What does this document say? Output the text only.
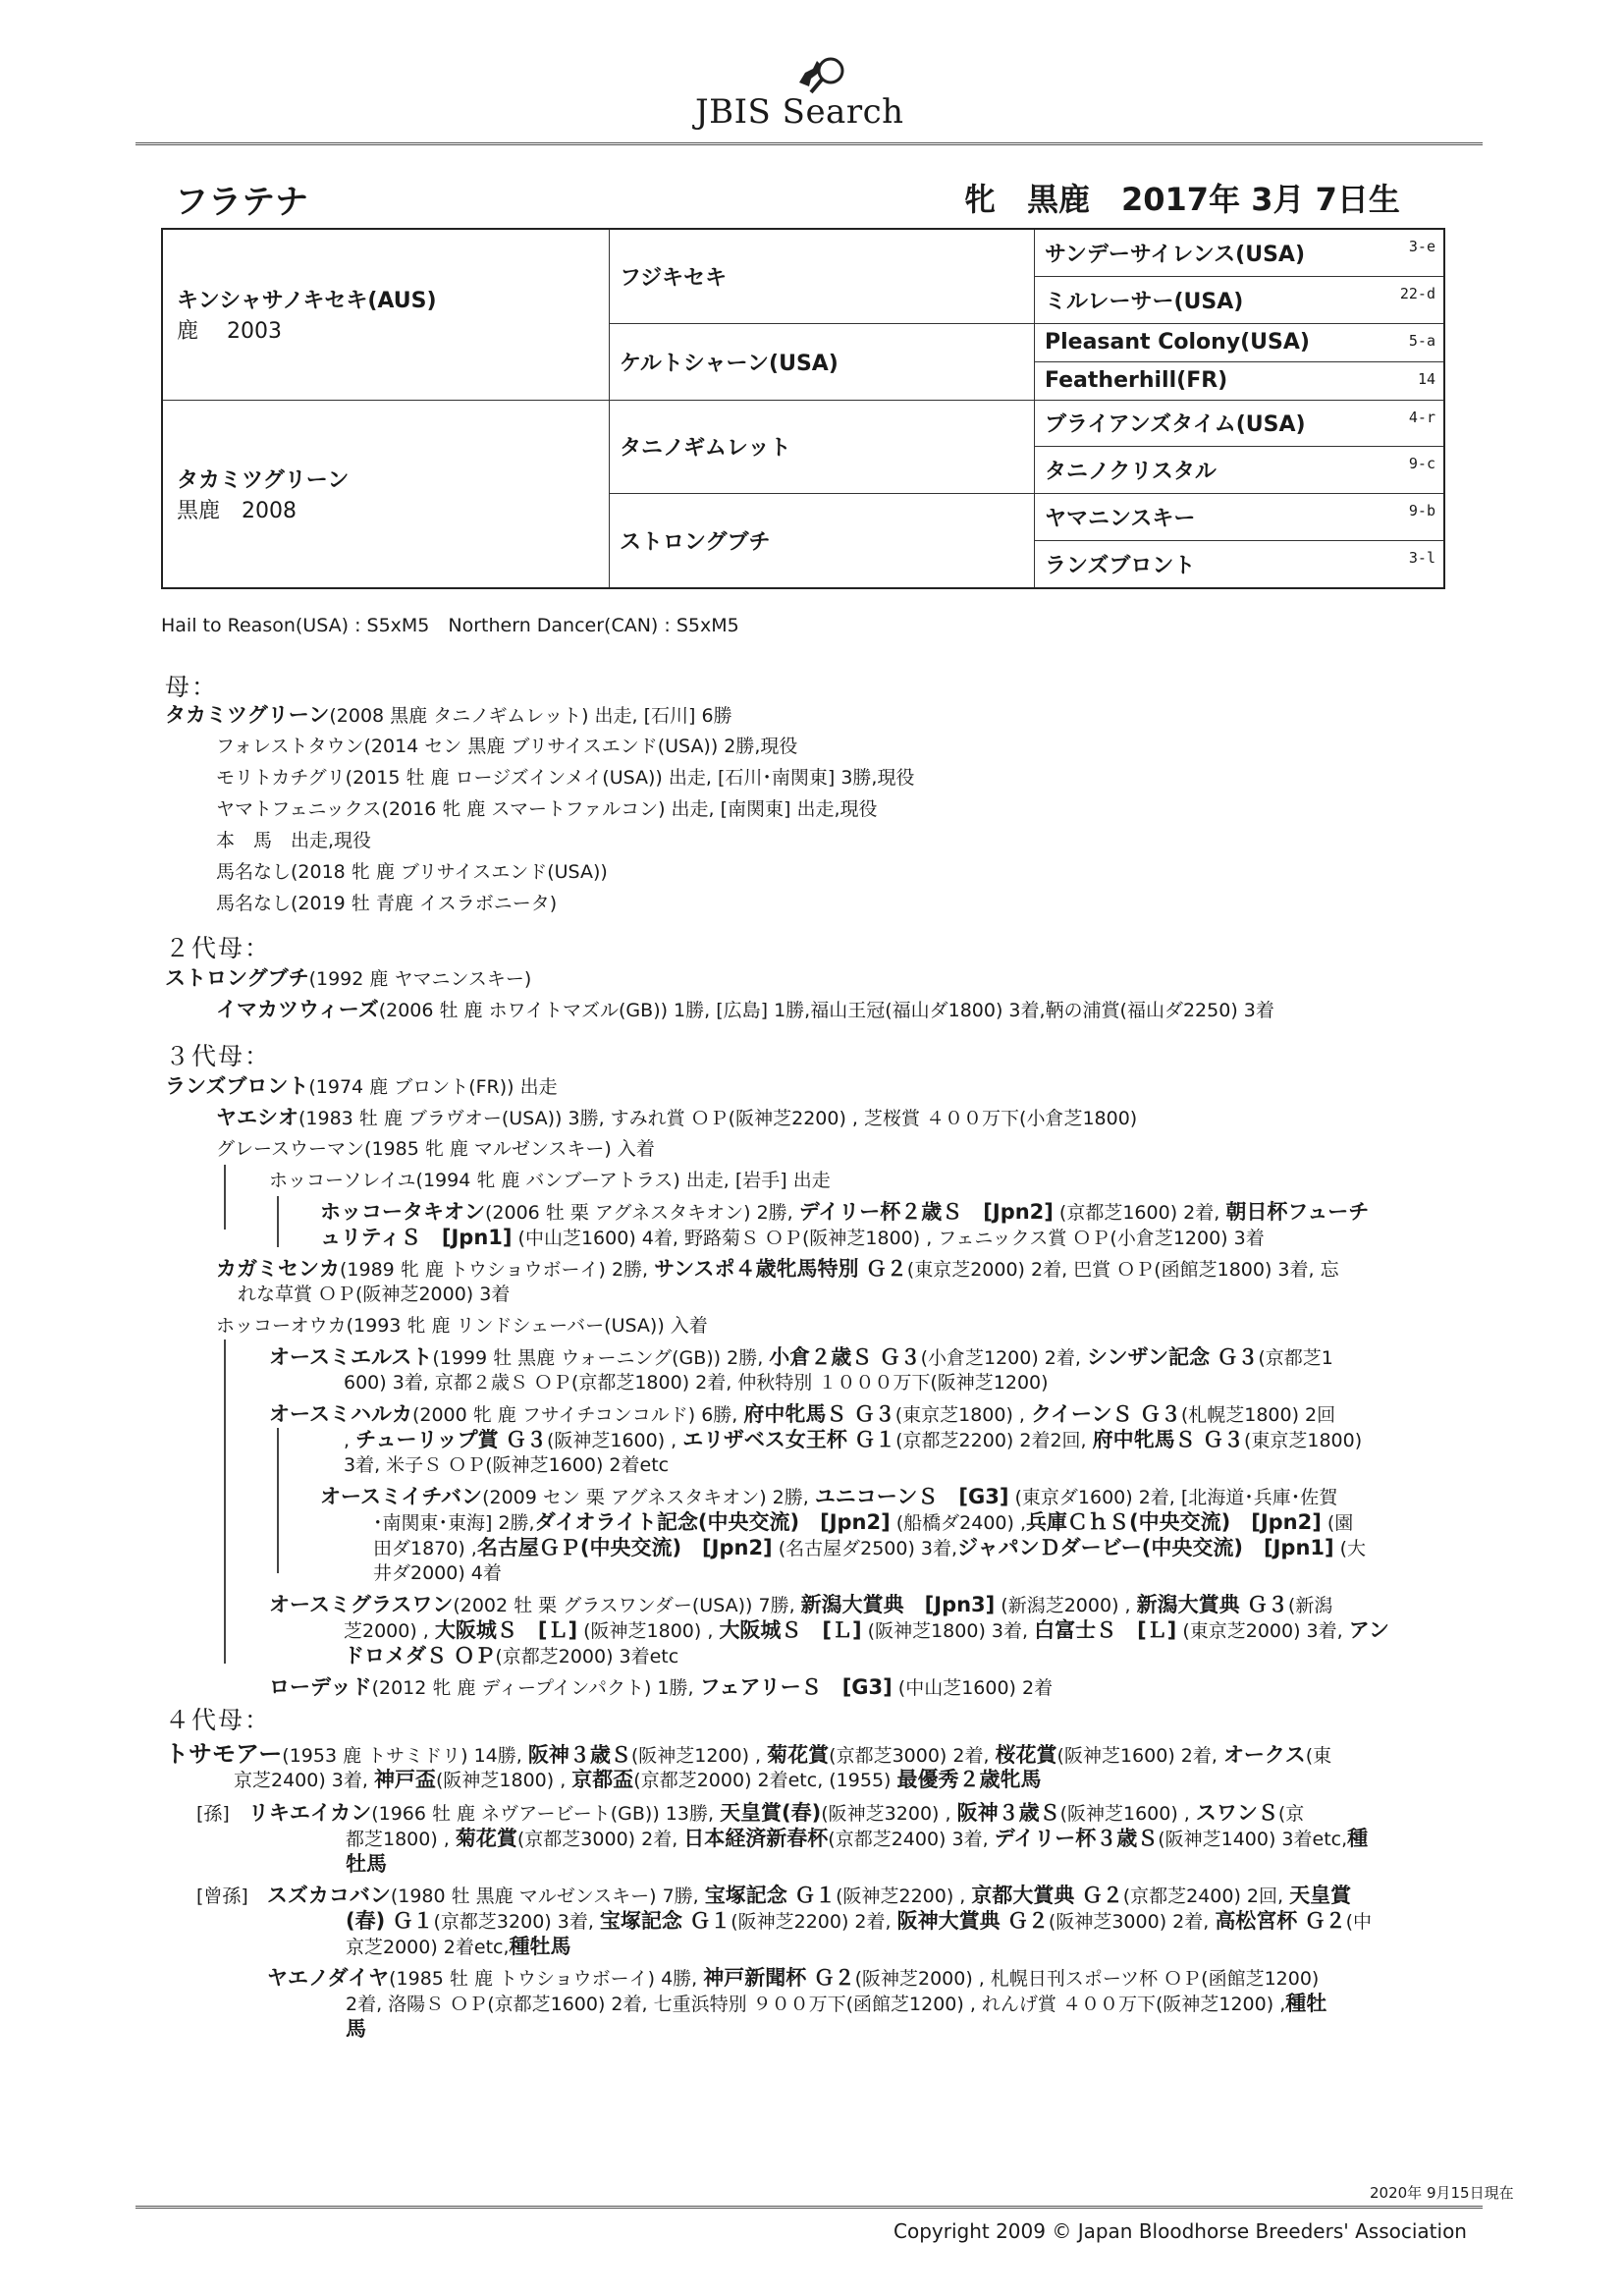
JBIS Search
フラテナ	牝　黒鹿　2017年 3月 7日生
キンシャサノキセキ(AUS)
鹿　 2003	フジキセキ	サンデーサイレンス(USA) 3-e

		ミルレーサー(USA) 22-d

	ケルトシャーン(USA)	Pleasant Colony(USA) 5-a

		Featherhill(FR) 14

タカミツグリーン
黒鹿　2008	タニノギムレット	ブライアンズタイム(USA) 4-r

		タニノクリスタル 9-c

	ストロングブチ	ヤマニンスキー 9-b

		ランズブロント 3-l
Hail to Reason(USA) : S5xM5　Northern Dancer(CAN) : S5xM5
母：
２代母：
３代母：
４代母：
タカミツグリーン(2008 黒鹿 タニノギムレット) 出走, [石川] 6勝
フォレストタウン(2014 セン 黒鹿 ブリサイスエンド(USA)) 2勝,現役
モリトカチグリ(2015 牡 鹿 ロージズインメイ(USA)) 出走, [石川･南関東] 3勝,現役
ヤマトフェニックス(2016 牝 鹿 スマートファルコン) 出走, [南関東] 出走,現役
本　馬　出走,現役
馬名なし(2018 牝 鹿 ブリサイスエンド(USA))
馬名なし(2019 牡 青鹿 イスラボニータ)
ストロングブチ(1992 鹿 ヤマニンスキー)
イマカツウィーズ(2006 牡 鹿 ホワイトマズル(GB)) 1勝, [広島] 1勝,福山王冠(福山ダ1800) 3着,鞆の浦賞(福山ダ2250) 3着
ランズブロント(1974 鹿 ブロント(FR)) 出走
ヤエシオ(1983 牡 鹿 ブラヴオー(USA)) 3勝, すみれ賞 ＯＰ(阪神芝2200) , 芝桜賞 ４００万下(小倉芝1800)
グレースウーマン(1985 牝 鹿 マルゼンスキー) 入着
ホッコーソレイユ(1994 牝 鹿 バンブーアトラス) 出走, [岩手] 出走
ホッコータキオン(2006 牡 栗 アグネスタキオン) 2勝, デイリー杯２歳Ｓ　[Jpn2] (京都芝1600) 2着, 朝日杯フューチ
ュリティＳ　[Jpn1] (中山芝1600) 4着, 野路菊Ｓ ＯＰ(阪神芝1800) , フェニックス賞 ＯＰ(小倉芝1200) 3着
カガミセンカ(1989 牝 鹿 トウショウボーイ) 2勝, サンスポ４歳牝馬特別 Ｇ２(東京芝2000) 2着, 巴賞 ＯＰ(函館芝1800) 3着, 忘
れな草賞 ＯＰ(阪神芝2000) 3着
ホッコーオウカ(1993 牝 鹿 リンドシェーバー(USA)) 入着
オースミエルスト(1999 牡 黒鹿 ウォーニング(GB)) 2勝, 小倉２歳Ｓ Ｇ３(小倉芝1200) 2着, シンザン記念 Ｇ３(京都芝1
600) 3着, 京都２歳Ｓ ＯＰ(京都芝1800) 2着, 仲秋特別 １０００万下(阪神芝1200)
オースミハルカ(2000 牝 鹿 フサイチコンコルド) 6勝, 府中牝馬Ｓ Ｇ３(東京芝1800) , クイーンＳ Ｇ３(札幌芝1800) 2回
, チューリップ賞 Ｇ３(阪神芝1600) , エリザベス女王杯 Ｇ１(京都芝2200) 2着2回, 府中牝馬Ｓ Ｇ３(東京芝1800)
3着, 米子Ｓ ＯＰ(阪神芝1600) 2着etc
オースミイチバン(2009 セン 栗 アグネスタキオン) 2勝, ユニコーンＳ　[G3] (東京ダ1600) 2着, [北海道･兵庫･佐賀
･南関東･東海] 2勝,ダイオライト記念(中央交流)　[Jpn2] (船橋ダ2400) ,兵庫ＣｈＳ(中央交流)　[Jpn2] (園
田ダ1870) ,名古屋ＧＰ(中央交流)　[Jpn2] (名古屋ダ2500) 3着,ジャパンＤダービー(中央交流)　[Jpn1] (大
井ダ2000) 4着
オースミグラスワン(2002 牡 栗 グラスワンダー(USA)) 7勝, 新潟大賞典　[Jpn3] (新潟芝2000) , 新潟大賞典 Ｇ３(新潟
芝2000) , 大阪城Ｓ　[Ｌ] (阪神芝1800) , 大阪城Ｓ　[Ｌ] (阪神芝1800) 3着, 白富士Ｓ　[Ｌ] (東京芝2000) 3着, アン
ドロメダＳ ＯＰ(京都芝2000) 3着etc
ローデッド(2012 牝 鹿 ディープインパクト) 1勝, フェアリーＳ　[G3] (中山芝1600) 2着
トサモアー(1953 鹿 トサミドリ) 14勝, 阪神３歳Ｓ(阪神芝1200) , 菊花賞(京都芝3000) 2着, 桜花賞(阪神芝1600) 2着, オークス(東
京芝2400) 3着, 神戸盃(阪神芝1800) , 京都盃(京都芝2000) 2着etc, (1955) 最優秀２歳牝馬
[孫]　リキエイカン(1966 牡 鹿 ネヴアービート(GB)) 13勝, 天皇賞(春)(阪神芝3200) , 阪神３歳Ｓ(阪神芝1600) , スワンＳ(京
都芝1800) , 菊花賞(京都芝3000) 2着, 日本経済新春杯(京都芝2400) 3着, デイリー杯３歳Ｓ(阪神芝1400) 3着etc,種
牡馬
[曾孫]　スズカコバン(1980 牡 黒鹿 マルゼンスキー) 7勝, 宝塚記念 Ｇ１(阪神芝2200) , 京都大賞典 Ｇ２(京都芝2400) 2回, 天皇賞
(春) Ｇ１(京都芝3200) 3着, 宝塚記念 Ｇ１(阪神芝2200) 2着, 阪神大賞典 Ｇ２(阪神芝3000) 2着, 高松宮杯 Ｇ２(中
京芝2000) 2着etc,種牡馬
ヤエノダイヤ(1985 牡 鹿 トウショウボーイ) 4勝, 神戸新聞杯 Ｇ２(阪神芝2000) , 札幌日刊スポーツ杯 ＯＰ(函館芝1200)
2着, 洛陽Ｓ ＯＰ(京都芝1600) 2着, 七重浜特別 ９００万下(函館芝1200) , れんげ賞 ４００万下(阪神芝1200) ,種牡
馬
2020年 9月15日現在
Copyright 2009 © Japan Bloodhorse Breeders' Association
